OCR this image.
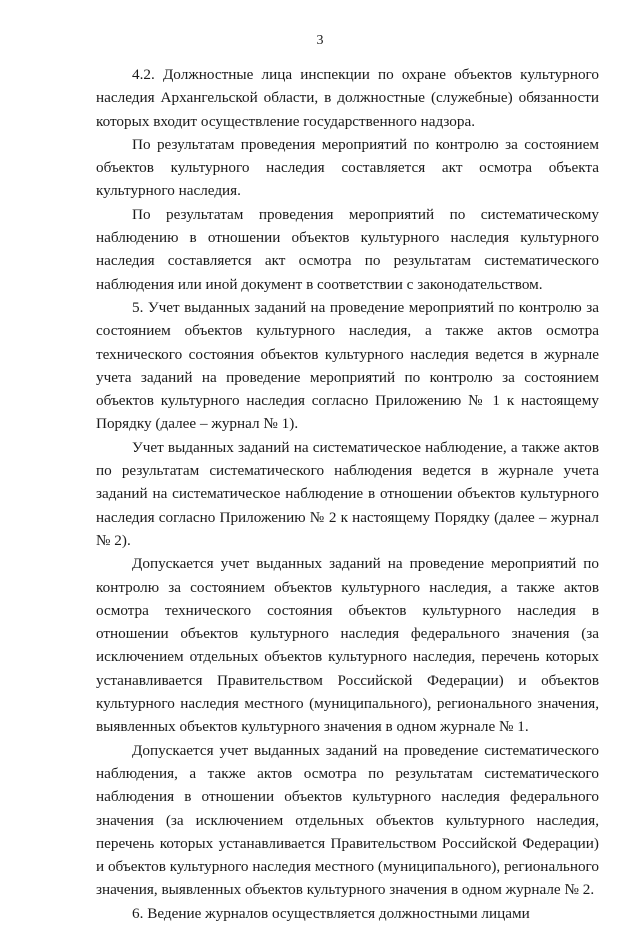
3

4.2. Должностные лица инспекции по охране объектов культурного наследия Архангельской области, в должностные (служебные) обязанности которых входит осуществление государственного надзора.

По результатам проведения мероприятий по контролю за состоянием объектов культурного наследия составляется акт осмотра объекта культурного наследия.

По результатам проведения мероприятий по систематическому наблюдению в отношении объектов культурного наследия культурного наследия составляется акт осмотра по результатам систематического наблюдения или иной документ в соответствии с законодательством.

5. Учет выданных заданий на проведение мероприятий по контролю за состоянием объектов культурного наследия, а также актов осмотра технического состояния объектов культурного наследия ведется в журнале учета заданий на проведение мероприятий по контролю за состоянием объектов культурного наследия согласно Приложению № 1 к настоящему Порядку (далее – журнал № 1).

Учет выданных заданий на систематическое наблюдение, а также актов по результатам систематического наблюдения ведется в журнале учета заданий на систематическое наблюдение в отношении объектов культурного наследия согласно Приложению № 2 к настоящему Порядку (далее – журнал № 2).

Допускается учет выданных заданий на проведение мероприятий по контролю за состоянием объектов культурного наследия, а также актов осмотра технического состояния объектов культурного наследия в отношении объектов культурного наследия федерального значения (за исключением отдельных объектов культурного наследия, перечень которых устанавливается Правительством Российской Федерации) и объектов культурного наследия местного (муниципального), регионального значения, выявленных объектов культурного значения в одном журнале № 1.

Допускается учет выданных заданий на проведение систематического наблюдения, а также актов осмотра по результатам систематического наблюдения в отношении объектов культурного наследия федерального значения (за исключением отдельных объектов культурного наследия, перечень которых устанавливается Правительством Российской Федерации) и объектов культурного наследия местного (муниципального), регионального значения, выявленных объектов культурного значения в одном журнале № 2.

6. Ведение журналов осуществляется должностными лицами
